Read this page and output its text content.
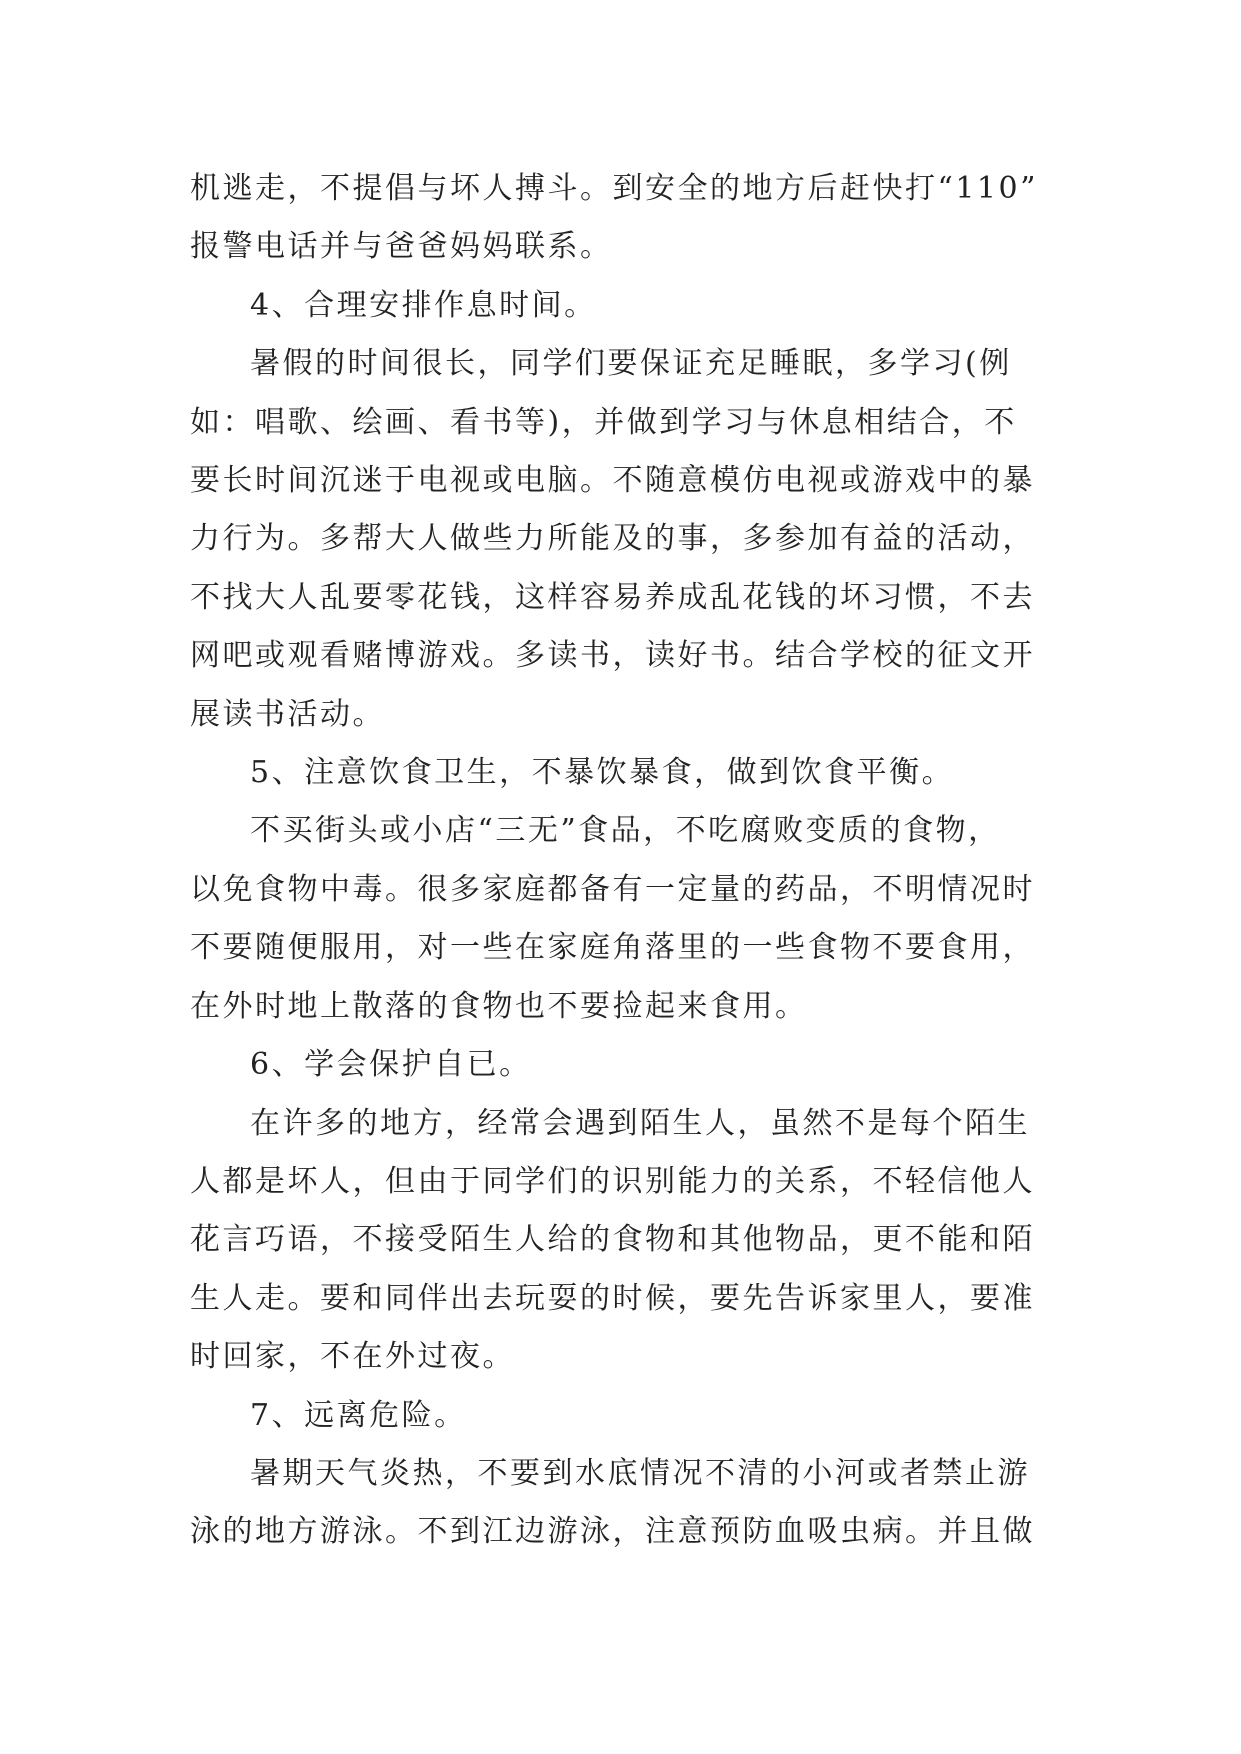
机逃走，不提倡与坏人搏斗。到安全的地方后赶快打“110”

报警电话并与爸爸妈妈联系。

4、合理安排作息时间。

暑假的时间很长，同学们要保证充足睡眠，多学习(例

如：唱歌、绘画、看书等)，并做到学习与休息相结合，不

要长时间沉迷于电视或电脑。不随意模仿电视或游戏中的暴

力行为。多帮大人做些力所能及的事，多参加有益的活动，

不找大人乱要零花钱，这样容易养成乱花钱的坏习惯，不去

网吧或观看赌博游戏。多读书，读好书。结合学校的征文开

展读书活动。

5、注意饮食卫生，不暴饮暴食，做到饮食平衡。

不买街头或小店“三无”食品，不吃腐败变质的食物，

以免食物中毒。很多家庭都备有一定量的药品，不明情况时

不要随便服用，对一些在家庭角落里的一些食物不要食用，

在外时地上散落的食物也不要捡起来食用。

6、学会保护自已。

在许多的地方，经常会遇到陌生人，虽然不是每个陌生

人都是坏人，但由于同学们的识别能力的关系，不轻信他人

花言巧语，不接受陌生人给的食物和其他物品，更不能和陌

生人走。要和同伴出去玩耍的时候，要先告诉家里人，要准

时回家，不在外过夜。

7、远离危险。

暑期天气炎热，不要到水底情况不清的小河或者禁止游

泳的地方游泳。不到江边游泳，注意预防血吸虫病。并且做
